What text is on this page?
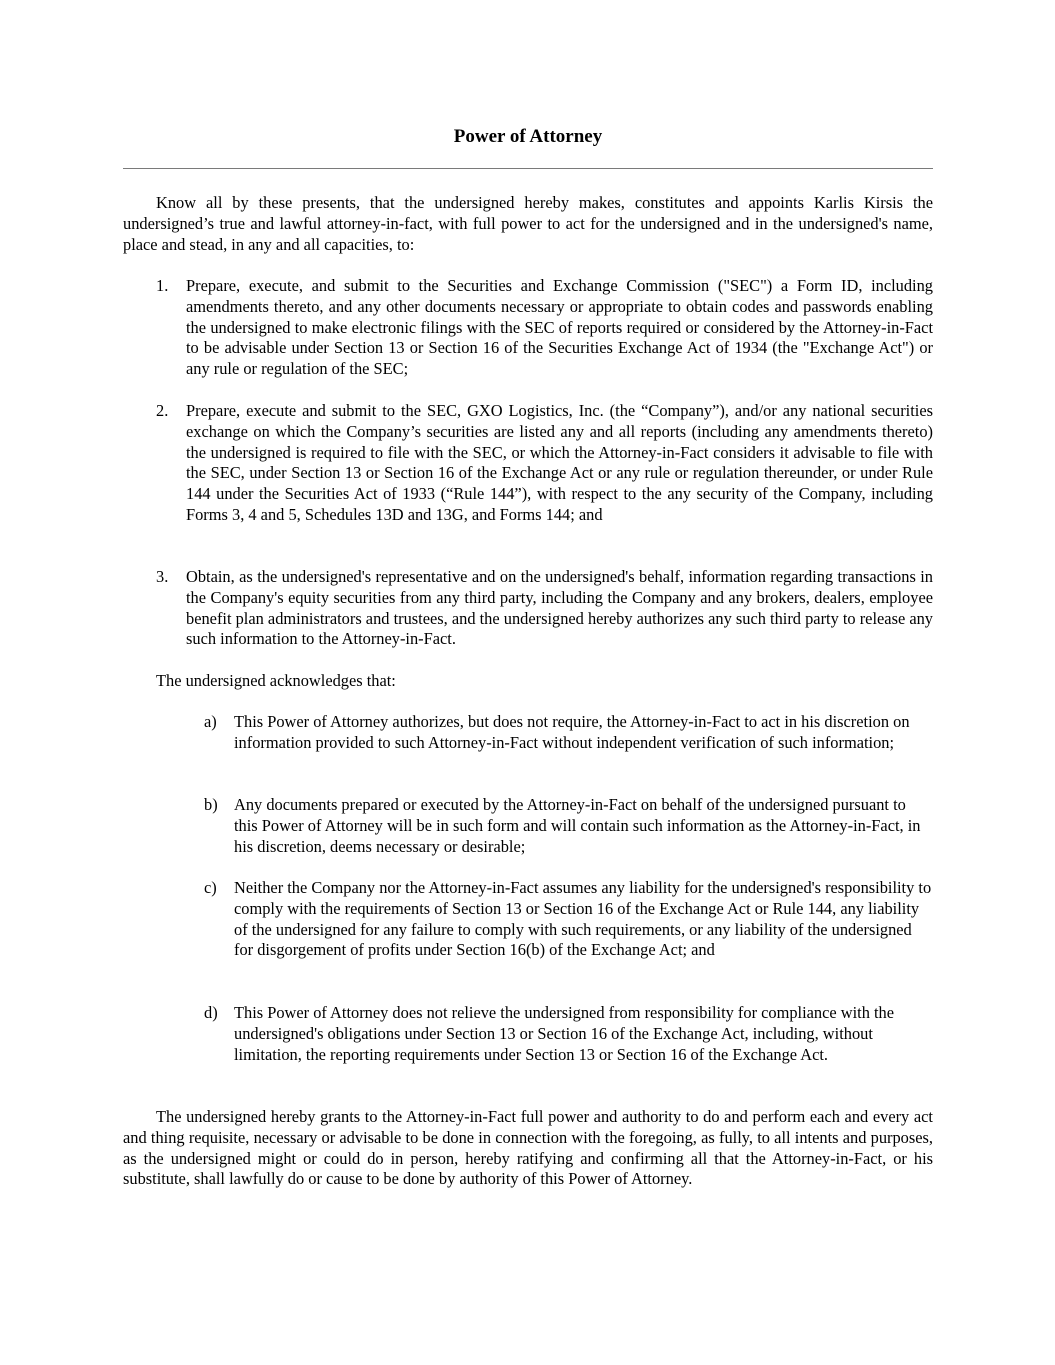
Power of Attorney

Know all by these presents, that the undersigned hereby makes, constitutes and appoints Karlis Kirsis the undersigned’s true and lawful attorney-in-fact, with full power to act for the undersigned and in the undersigned's name, place and stead, in any and all capacities, to:

1. Prepare, execute, and submit to the Securities and Exchange Commission ("SEC") a Form ID, including amendments thereto, and any other documents necessary or appropriate to obtain codes and passwords enabling the undersigned to make electronic filings with the SEC of reports required or considered by the Attorney-in-Fact to be advisable under Section 13 or Section 16 of the Securities Exchange Act of 1934 (the "Exchange Act") or any rule or regulation of the SEC;
2. Prepare, execute and submit to the SEC, GXO Logistics, Inc. (the “Company”), and/or any national securities exchange on which the Company’s securities are listed any and all reports (including any amendments thereto) the undersigned is required to file with the SEC, or which the Attorney-in-Fact considers it advisable to file with the SEC, under Section 13 or Section 16 of the Exchange Act or any rule or regulation thereunder, or under Rule 144 under the Securities Act of 1933 (“Rule 144”), with respect to the any security of the Company, including Forms 3, 4 and 5, Schedules 13D and 13G, and Forms 144; and
3. Obtain, as the undersigned's representative and on the undersigned's behalf, information regarding transactions in the Company's equity securities from any third party, including the Company and any brokers, dealers, employee benefit plan administrators and trustees, and the undersigned hereby authorizes any such third party to release any such information to the Attorney-in-Fact.

The undersigned acknowledges that:

a) This Power of Attorney authorizes, but does not require, the Attorney-in-Fact to act in his discretion on information provided to such Attorney-in-Fact without independent verification of such information;
b) Any documents prepared or executed by the Attorney-in-Fact on behalf of the undersigned pursuant to this Power of Attorney will be in such form and will contain such information as the Attorney-in-Fact, in his discretion, deems necessary or desirable;
c) Neither the Company nor the Attorney-in-Fact assumes any liability for the undersigned's responsibility to comply with the requirements of Section 13 or Section 16 of the Exchange Act or Rule 144, any liability of the undersigned for any failure to comply with such requirements, or any liability of the undersigned for disgorgement of profits under Section 16(b) of the Exchange Act; and
d) This Power of Attorney does not relieve the undersigned from responsibility for compliance with the undersigned's obligations under Section 13 or Section 16 of the Exchange Act, including, without limitation, the reporting requirements under Section 13 or Section 16 of the Exchange Act.

The undersigned hereby grants to the Attorney-in-Fact full power and authority to do and perform each and every act and thing requisite, necessary or advisable to be done in connection with the foregoing, as fully, to all intents and purposes, as the undersigned might or could do in person, hereby ratifying and confirming all that the Attorney-in-Fact, or his substitute, shall lawfully do or cause to be done by authority of this Power of Attorney.
